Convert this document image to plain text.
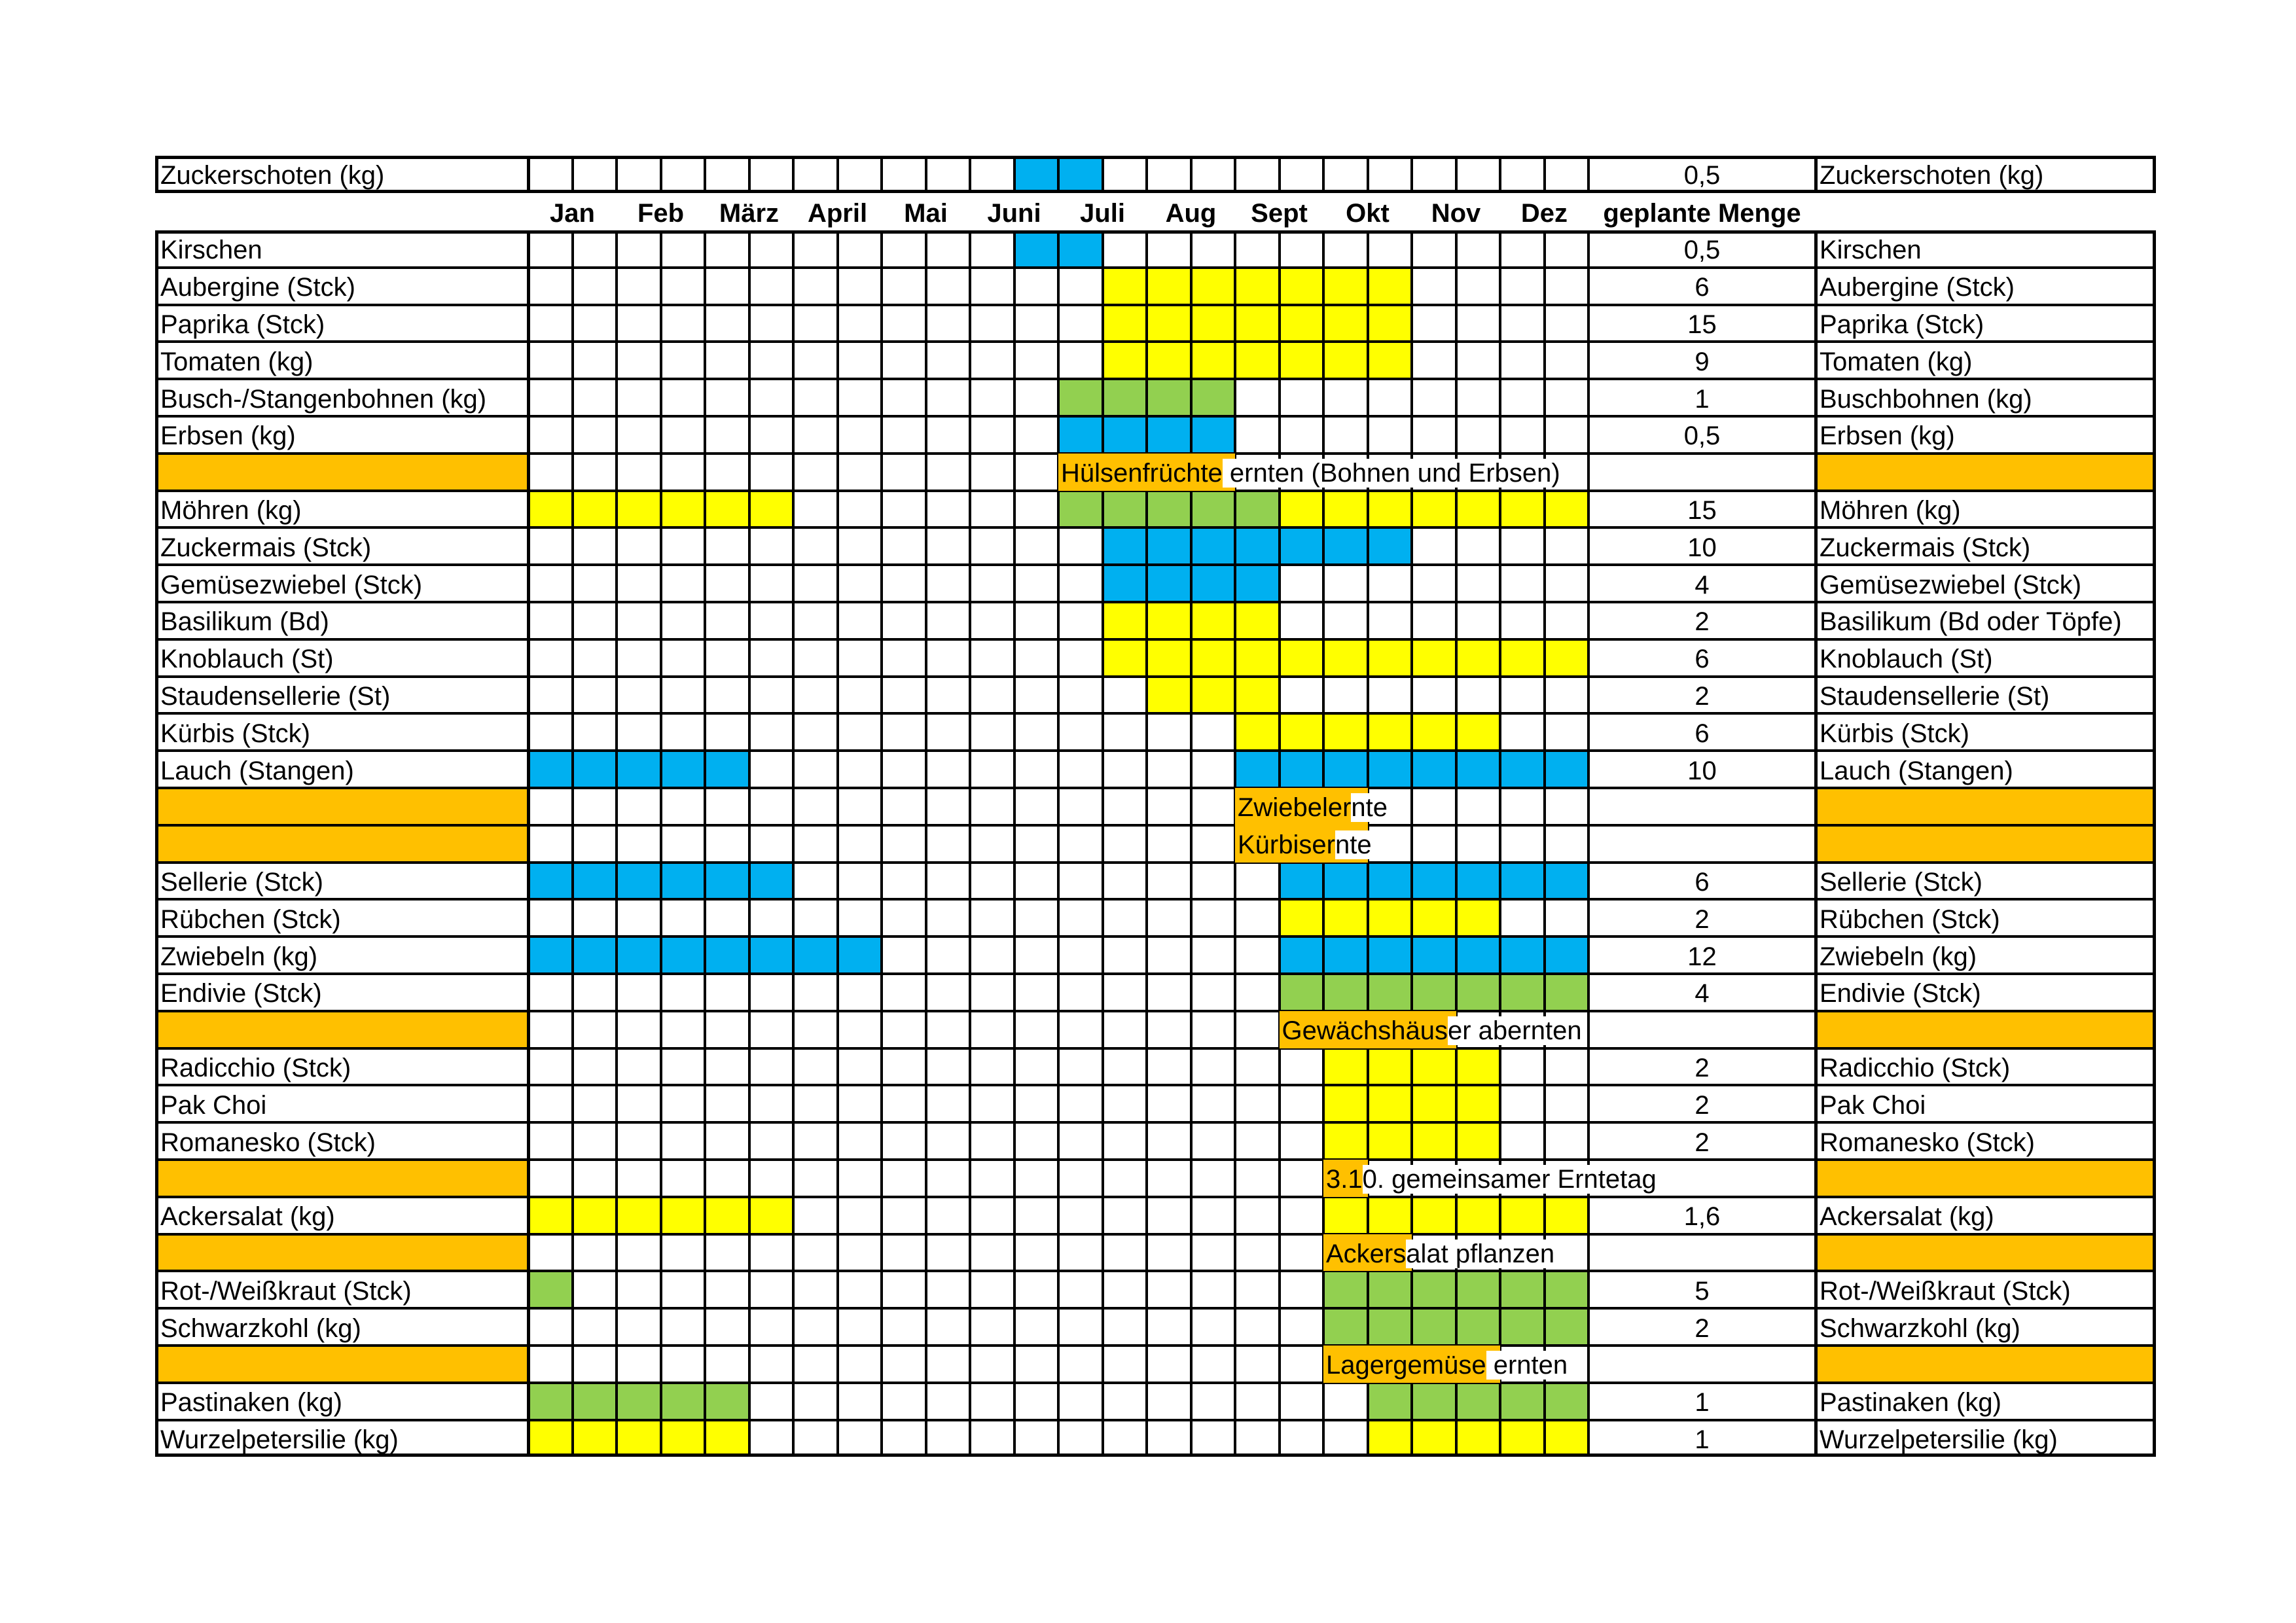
Zuckerschoten (kg)	0,5	Zuckerschoten (kg)
Jan	Feb	März	April	Mai	Juni	Juli	Aug	Sept	Okt	Nov	Dez	geplante Menge
Kirschen	0,5	Kirschen
Aubergine (Stck)	6	Aubergine (Stck)
Paprika (Stck)	15	Paprika (Stck)
Tomaten (kg)	9	Tomaten (kg)
Busch-/Stangenbohnen (kg)	1	Buschbohnen (kg)
Erbsen (kg)	0,5	Erbsen (kg)
Hülsenfrüchte ernten (Bohnen und Erbsen)
Möhren (kg)	15	Möhren (kg)
Zuckermais (Stck)	10	Zuckermais (Stck)
Gemüsezwiebel (Stck)	4	Gemüsezwiebel (Stck)
Basilikum (Bd)	2	Basilikum (Bd oder Töpfe)
Knoblauch (St)	6	Knoblauch (St)
Staudensellerie (St)	2	Staudensellerie (St)
Kürbis (Stck)	6	Kürbis (Stck)
Lauch (Stangen)	10	Lauch (Stangen)
Zwiebelernte
Kürbisernte
Sellerie (Stck)	6	Sellerie (Stck)
Rübchen (Stck)	2	Rübchen (Stck)
Zwiebeln (kg)	12	Zwiebeln (kg)
Endivie (Stck)	4	Endivie (Stck)
Gewächshäuser abernten
Radicchio (Stck)	2	Radicchio (Stck)
Pak Choi	2	Pak Choi
Romanesko (Stck)	2	Romanesko (Stck)
3.10. gemeinsamer Erntetag
Ackersalat (kg)	1,6	Ackersalat (kg)
Ackersalat pflanzen
Rot-/Weißkraut (Stck)	5	Rot-/Weißkraut (Stck)
Schwarzkohl (kg)	2	Schwarzkohl (kg)
Lagergemüse ernten
Pastinaken (kg)	1	Pastinaken (kg)
Wurzelpetersilie (kg)	1	Wurzelpetersilie (kg)
